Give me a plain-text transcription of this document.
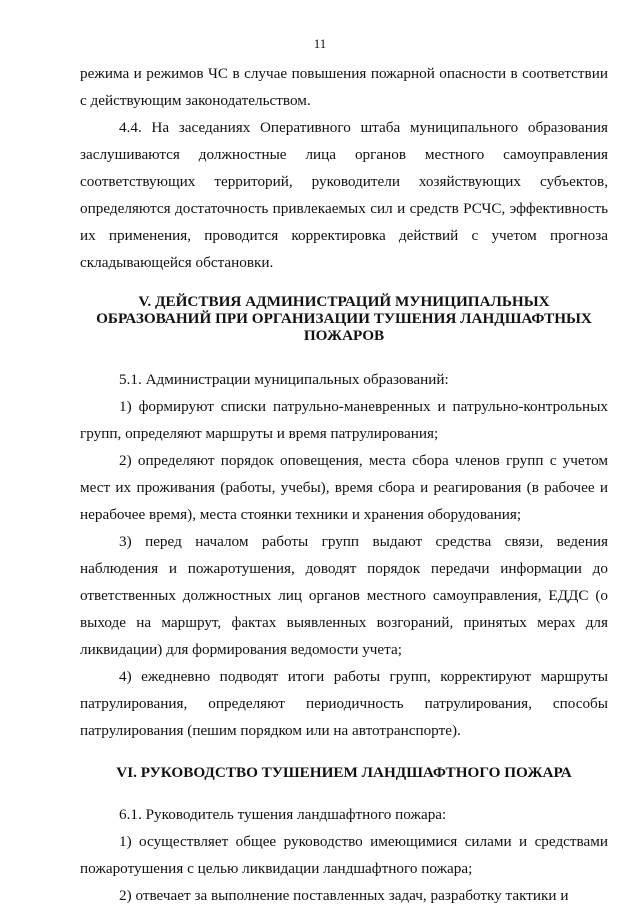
11

режима и режимов ЧС в случае повышения пожарной опасности в соответствии с действующим законодательством.

4.4. На заседаниях Оперативного штаба муниципального образования заслушиваются должностные лица органов местного самоуправления соответствующих территорий, руководители хозяйствующих субъектов, определяются достаточность привлекаемых сил и средств РСЧС, эффективность их применения, проводится корректировка действий с учетом прогноза складывающейся обстановки.

V. ДЕЙСТВИЯ АДМИНИСТРАЦИЙ МУНИЦИПАЛЬНЫХ ОБРАЗОВАНИЙ ПРИ ОРГАНИЗАЦИИ ТУШЕНИЯ ЛАНДШАФТНЫХ ПОЖАРОВ

5.1. Администрации муниципальных образований:

1) формируют списки патрульно-маневренных и патрульно-контрольных групп, определяют маршруты и время патрулирования;

2) определяют порядок оповещения, места сбора членов групп с учетом мест их проживания (работы, учебы), время сбора и реагирования (в рабочее и нерабочее время), места стоянки техники и хранения оборудования;

3) перед началом работы групп выдают средства связи, ведения наблюдения и пожаротушения, доводят порядок передачи информации до ответственных должностных лиц органов местного самоуправления, ЕДДС (о выходе на маршрут, фактах выявленных возгораний, принятых мерах для ликвидации) для формирования ведомости учета;

4) ежедневно подводят итоги работы групп, корректируют маршруты патрулирования, определяют периодичность патрулирования, способы патрулирования (пешим порядком или на автотранспорте).

VI. РУКОВОДСТВО ТУШЕНИЕМ ЛАНДШАФТНОГО ПОЖАРА

6.1. Руководитель тушения ландшафтного пожара:

1) осуществляет общее руководство имеющимися силами и средствами пожаротушения с целью ликвидации ландшафтного пожара;

2) отвечает за выполнение поставленных задач, разработку тактики и
